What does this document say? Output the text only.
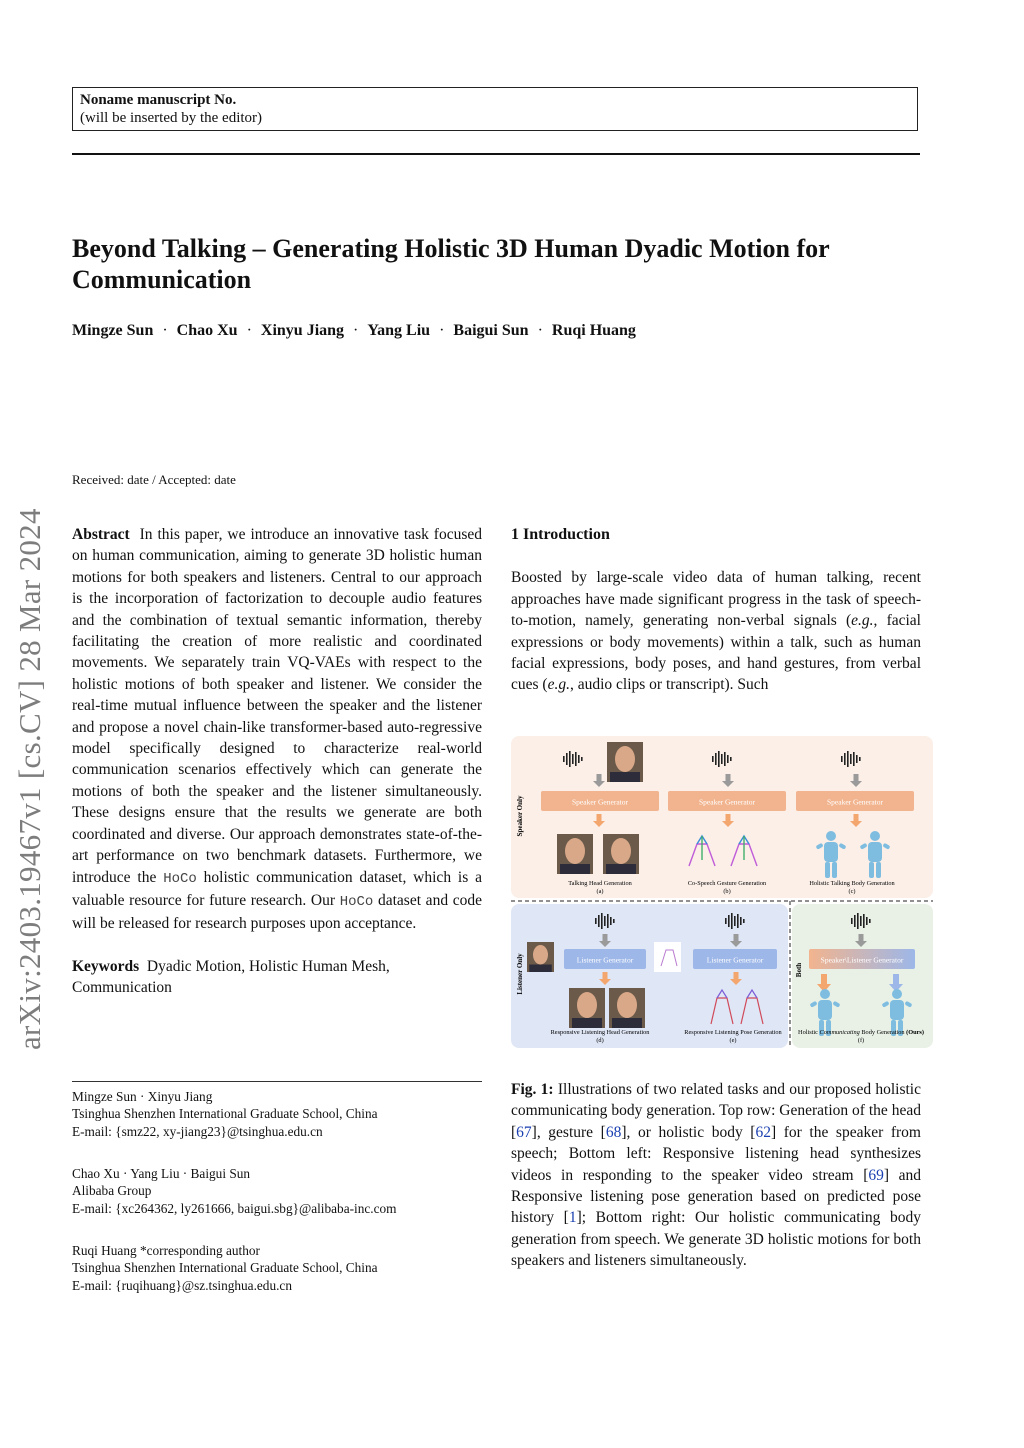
Noname manuscript No.
(will be inserted by the editor)
Beyond Talking – Generating Holistic 3D Human Dyadic Motion for Communication
Mingze Sun · Chao Xu · Xinyu Jiang · Yang Liu · Baigui Sun · Ruqi Huang
arXiv:2403.19467v1 [cs.CV] 28 Mar 2024
Received: date / Accepted: date
Abstract In this paper, we introduce an innovative task focused on human communication, aiming to generate 3D holistic human motions for both speakers and listeners. Central to our approach is the incorporation of factorization to decouple audio features and the combination of textual semantic information, thereby facilitating the creation of more realistic and coordinated movements. We separately train VQ-VAEs with respect to the holistic motions of both speaker and listener. We consider the real-time mutual influence between the speaker and the listener and propose a novel chain-like transformer-based auto-regressive model specifically designed to characterize real-world communication scenarios effectively which can generate the motions of both the speaker and the listener simultaneously. These designs ensure that the results we generate are both coordinated and diverse. Our approach demonstrates state-of-the-art performance on two benchmark datasets. Furthermore, we introduce the HoCo holistic communication dataset, which is a valuable resource for future research. Our HoCo dataset and code will be released for research purposes upon acceptance.
Keywords Dyadic Motion, Holistic Human Mesh, Communication
Mingze Sun · Xinyu Jiang
Tsinghua Shenzhen International Graduate School, China
E-mail: {smz22, xy-jiang23}@tsinghua.edu.cn
Chao Xu · Yang Liu · Baigui Sun
Alibaba Group
E-mail: {xc264362, ly261666, baigui.sbg}@alibaba-inc.com
Ruqi Huang *corresponding author
Tsinghua Shenzhen International Graduate School, China
E-mail: {ruqihuang}@sz.tsinghua.edu.cn
1 Introduction
Boosted by large-scale video data of human talking, recent approaches have made significant progress in the task of speech-to-motion, namely, generating non-verbal signals (e.g., facial expressions or body movements) within a talk, such as human facial expressions, body poses, and hand gestures, from verbal cues (e.g., audio clips or transcript). Such
Speaker Only
Listener Only	Both
Speaker Generator
Talking Head Generation
(a)
Speaker Generator
Co-Speech Gesture Generation
(b)
Speaker Generator
Holistic Talking Body Generation
(c)
Listener Generator
Responsive Listening Head Generation
(d)
Listener Generator
Responsive Listening Pose Generation
(e)
Speaker\Listener Generator
Holistic Communicating Body Generation (Ours)
(f)
Fig. 1: Illustrations of two related tasks and our proposed holistic communicating body generation. Top row: Generation of the head [67], gesture [68], or holistic body [62] for the speaker from speech; Bottom left: Responsive listening head synthesizes videos in responding to the speaker video stream [69] and Responsive listening pose generation based on predicted pose history [1]; Bottom right: Our holistic communicating body generation from speech. We generate 3D holistic motions for both speakers and listeners simultaneously.
